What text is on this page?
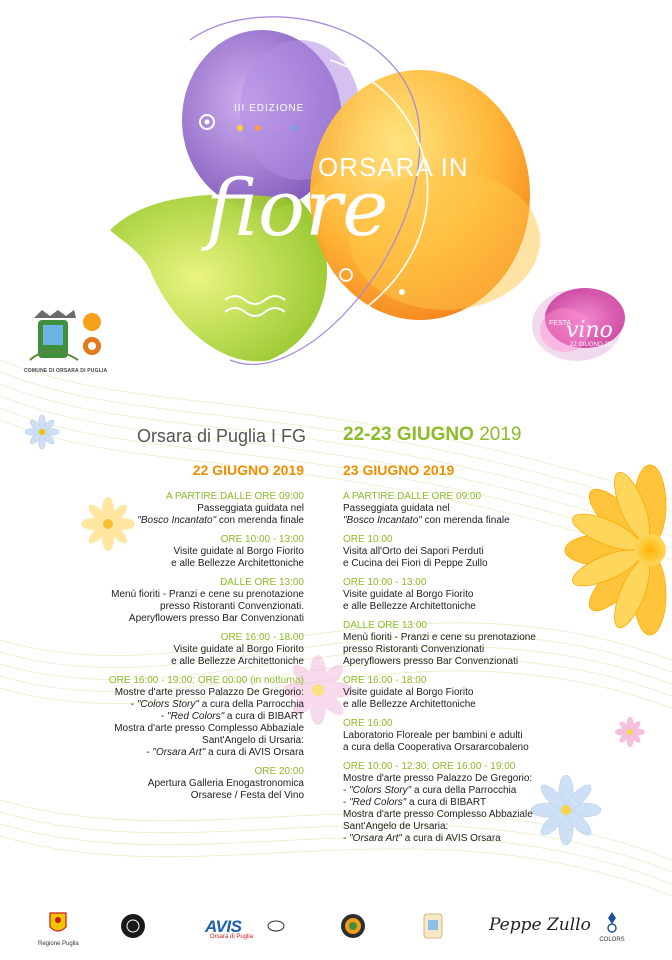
III EDIZIONE
ORSARA IN
fiore
COMUNE DI ORSARA DI PUGLIA
FESTA
vino
22 GIUGNO 2019
Orsara di Puglia I FG 22-23 GIUGNO 2019
22 GIUGNO 2019
A PARTIRE DALLE ORE 09:00
Passeggiata guidata nel
"Bosco Incantato" con merenda finale
ORE 10:00 - 13:00
Visite guidate al Borgo Fiorito
e alle Bellezze Architettoniche
DALLE ORE 13:00
Menù fioriti - Pranzi e cene su prenotazione
presso Ristoranti Convenzionati.
Aperyflowers presso Bar Convenzionati
ORE 16:00 - 18.00
Visite guidate al Borgo Fiorito
e alle Bellezze Architettoniche
ORE 16:00 - 19:00; ORE 00:00 (in notturna)
Mostre d'arte presso Palazzo De Gregorio:
- "Colors Story" a cura della Parrocchia
- "Red Colors" a cura di BIBART
Mostra d'arte presso Complesso Abbaziale
Sant'Angelo di Ursaria:
- "Orsara Art" a cura di AVIS Orsara
ORE 20:00
Apertura Galleria Enogastronomica
Orsarese / Festa del Vino
23 GIUGNO 2019
A PARTIRE DALLE ORE 09:00
Passeggiata guidata nel
"Bosco Incantato" con merenda finale
ORE 10:00
Visita all'Orto dei Sapori Perduti
e Cucina dei Fiori di Peppe Zullo
ORE 10:00 - 13:00
Visite guidate al Borgo Fiorito
e alle Bellezze Architettoniche
DALLE ORE 13:00
Menù fioriti - Pranzi e cene su prenotazione
presso Ristoranti Convenzionati
Aperyflowers presso Bar Convenzionati
ORE 16:00 - 18:00
Visite guidate al Borgo Fiorito
e alle Bellezze Architettoniche
ORE 16:00
Laboratorio Floreale per bambini e adulti
a cura della Cooperativa Orsararcobaleno
ORE 10:00 - 12:30; ORE 16:00 - 19:00
Mostre d'arte presso Palazzo De Gregorio:
- "Colors Story" a cura della Parrocchia
- "Red Colors" a cura di BIBART
Mostra d'arte presso Complesso Abbaziale
Sant'Angelo de Ursaria:
- "Orsara Art" a cura di AVIS Orsara
Regione Puglia
AVIS
Orsara di Puglia
Peppe Zullo
COLORS
